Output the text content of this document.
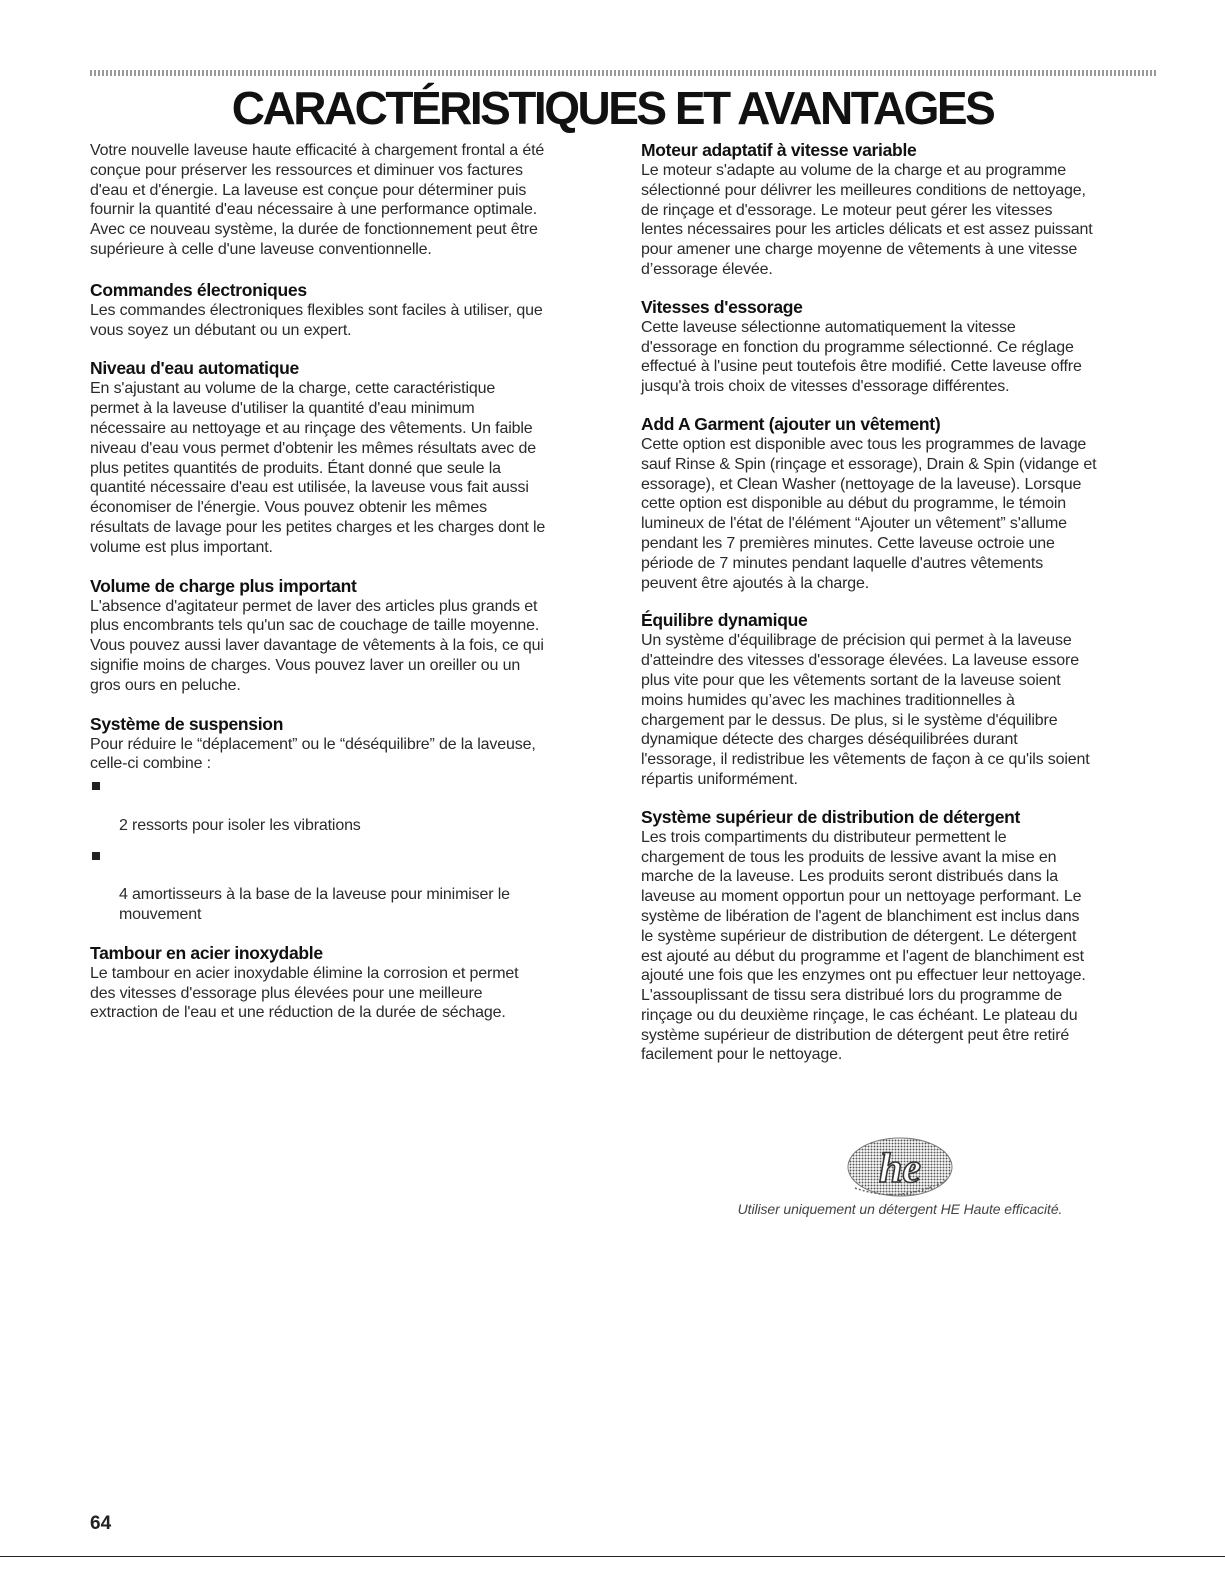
CARACTÉRISTIQUES ET AVANTAGES

Votre nouvelle laveuse haute efficacité à chargement frontal a été
conçue pour préserver les ressources et diminuer vos factures
d'eau et d'énergie. La laveuse est conçue pour déterminer puis
fournir la quantité d'eau nécessaire à une performance optimale.
Avec ce nouveau système, la durée de fonctionnement peut être
supérieure à celle d'une laveuse conventionnelle.

Commandes électroniques

Les commandes électroniques flexibles sont faciles à utiliser, que
vous soyez un débutant ou un expert.

Niveau d'eau automatique

En s'ajustant au volume de la charge, cette caractéristique
permet à la laveuse d'utiliser la quantité d'eau minimum
nécessaire au nettoyage et au rinçage des vêtements. Un faible
niveau d'eau vous permet d'obtenir les mêmes résultats avec de
plus petites quantités de produits. Étant donné que seule la
quantité nécessaire d'eau est utilisée, la laveuse vous fait aussi
économiser de l'énergie. Vous pouvez obtenir les mêmes
résultats de lavage pour les petites charges et les charges dont le
volume est plus important.

Volume de charge plus important

L'absence d'agitateur permet de laver des articles plus grands et
plus encombrants tels qu'un sac de couchage de taille moyenne.
Vous pouvez aussi laver davantage de vêtements à la fois, ce qui
signifie moins de charges. Vous pouvez laver un oreiller ou un
gros ours en peluche.

Système de suspension

Pour réduire le “déplacement” ou le “déséquilibre” de la laveuse,
celle-ci combine :

2 ressorts pour isoler les vibrations

4 amortisseurs à la base de la laveuse pour minimiser le
mouvement

Tambour en acier inoxydable

Le tambour en acier inoxydable élimine la corrosion et permet
des vitesses d'essorage plus élevées pour une meilleure
extraction de l'eau et une réduction de la durée de séchage.

Moteur adaptatif à vitesse variable

Le moteur s'adapte au volume de la charge et au programme
sélectionné pour délivrer les meilleures conditions de nettoyage,
de rinçage et d'essorage. Le moteur peut gérer les vitesses
lentes nécessaires pour les articles délicats et est assez puissant
pour amener une charge moyenne de vêtements à une vitesse
d’essorage élevée.

Vitesses d'essorage

Cette laveuse sélectionne automatiquement la vitesse
d'essorage en fonction du programme sélectionné. Ce réglage
effectué à l'usine peut toutefois être modifié. Cette laveuse offre
jusqu'à trois choix de vitesses d'essorage différentes.

Add A Garment (ajouter un vêtement)

Cette option est disponible avec tous les programmes de lavage
sauf Rinse & Spin (rinçage et essorage), Drain & Spin (vidange et
essorage), et Clean Washer (nettoyage de la laveuse). Lorsque
cette option est disponible au début du programme, le témoin
lumineux de l'état de l'élément “Ajouter un vêtement” s'allume
pendant les 7 premières minutes. Cette laveuse octroie une
période de 7 minutes pendant laquelle d'autres vêtements
peuvent être ajoutés à la charge.

Équilibre dynamique

Un système d'équilibrage de précision qui permet à la laveuse
d'atteindre des vitesses d'essorage élevées. La laveuse essore
plus vite pour que les vêtements sortant de la laveuse soient
moins humides qu’avec les machines traditionnelles à
chargement par le dessus. De plus, si le système d'équilibre
dynamique détecte des charges déséquilibrées durant
l'essorage, il redistribue les vêtements de façon à ce qu'ils soient
répartis uniformément.

Système supérieur de distribution de détergent

Les trois compartiments du distributeur permettent le
chargement de tous les produits de lessive avant la mise en
marche de la laveuse. Les produits seront distribués dans la
laveuse au moment opportun pour un nettoyage performant. Le
système de libération de l'agent de blanchiment est inclus dans
le système supérieur de distribution de détergent. Le détergent
est ajouté au début du programme et l'agent de blanchiment est
ajouté une fois que les enzymes ont pu effectuer leur nettoyage.
L'assouplissant de tissu sera distribué lors du programme de
rinçage ou du deuxième rinçage, le cas échéant. Le plateau du
système supérieur de distribution de détergent peut être retiré
facilement pour le nettoyage.

he

Utiliser uniquement un détergent HE Haute efficacité.

64
